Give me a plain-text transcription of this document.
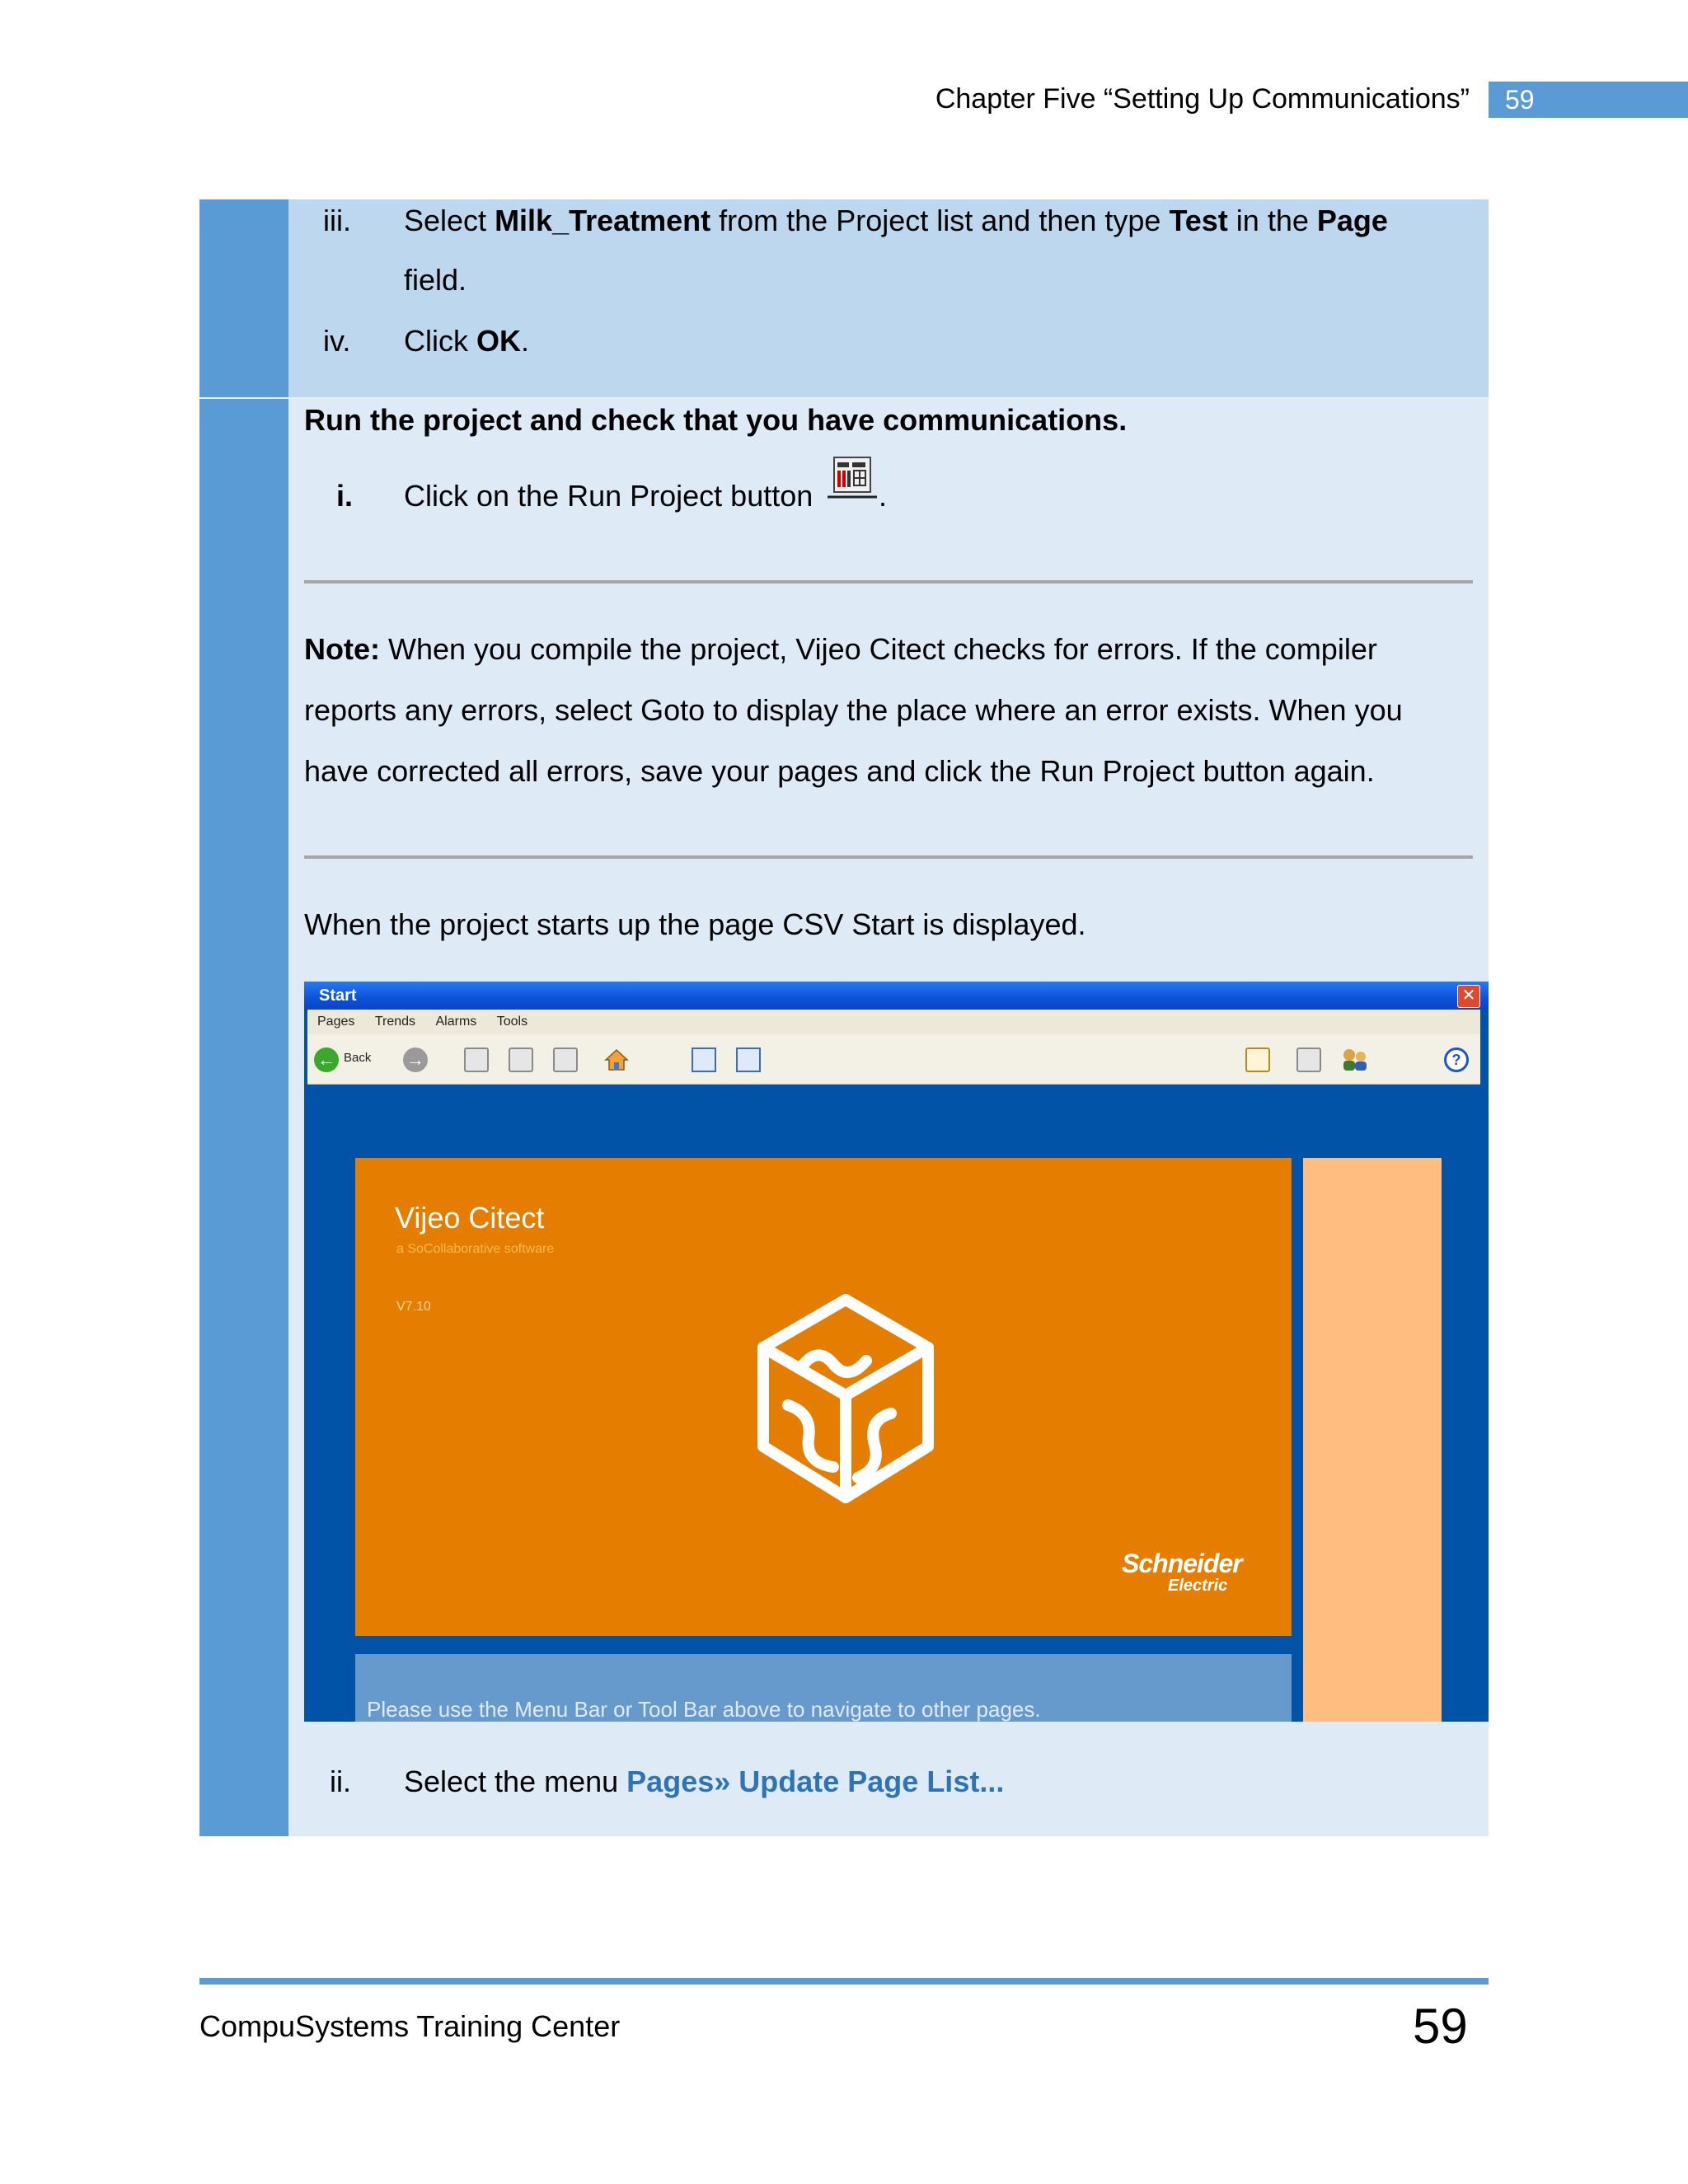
Chapter Five “Setting Up Communications”	59
iii. Select Milk_Treatment from the Project list and then type Test in the Page
field.
iv. Click OK.
Run the project and check that you have communications.
i. Click on the Run Project button .
Note: When you compile the project, Vijeo Citect checks for errors. If the compiler
reports any errors, select Goto to display the place where an error exists. When you
have corrected all errors, save your pages and click the Run Project button again.
When the project starts up the page CSV Start is displayed.
Start	✕
Pages Trends Alarms Tools
← Back →	?
Vijeo Citect
a SoCollaborative software
V7.10
Schneider
Electric
Please use the Menu Bar or Tool Bar above to navigate to other pages.
ii. Select the menu Pages» Update Page List...
CompuSystems Training Center	59
